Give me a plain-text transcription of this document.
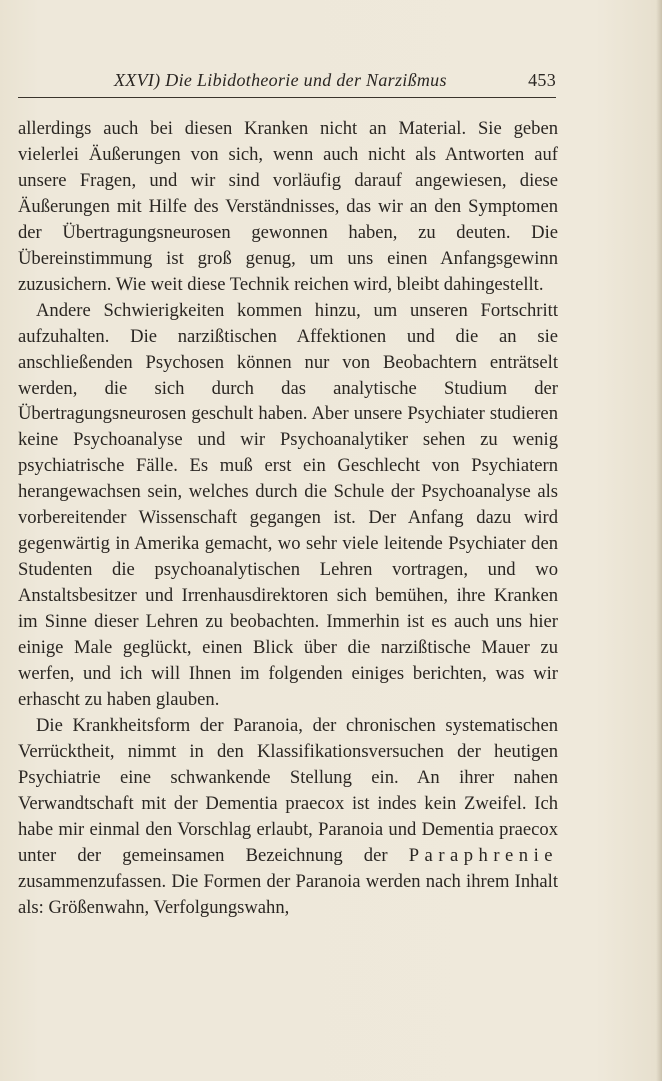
XXVI) Die Libidotheorie und der Narzißmus	453

allerdings auch bei diesen Kranken nicht an Material. Sie geben vielerlei Äußerungen von sich, wenn auch nicht als Antworten auf unsere Fragen, und wir sind vorläufig darauf angewiesen, diese Äußerungen mit Hilfe des Verständnisses, das wir an den Symptomen der Übertragungsneurosen gewonnen haben, zu deuten. Die Übereinstimmung ist groß genug, um uns einen Anfangsgewinn zuzusichern. Wie weit diese Technik reichen wird, bleibt dahingestellt.

Andere Schwierigkeiten kommen hinzu, um unseren Fortschritt aufzuhalten. Die narzißtischen Affektionen und die an sie anschließenden Psychosen können nur von Beobachtern enträtselt werden, die sich durch das analytische Studium der Übertragungsneurosen geschult haben. Aber unsere Psychiater studieren keine Psychoanalyse und wir Psychoanalytiker sehen zu wenig psychiatrische Fälle. Es muß erst ein Geschlecht von Psychiatern herangewachsen sein, welches durch die Schule der Psychoanalyse als vorbereitender Wissenschaft gegangen ist. Der Anfang dazu wird gegenwärtig in Amerika gemacht, wo sehr viele leitende Psychiater den Studenten die psychoanalytischen Lehren vortragen, und wo Anstaltsbesitzer und Irrenhausdirektoren sich bemühen, ihre Kranken im Sinne dieser Lehren zu beobachten. Immerhin ist es auch uns hier einige Male geglückt, einen Blick über die narzißtische Mauer zu werfen, und ich will Ihnen im folgenden einiges berichten, was wir erhascht zu haben glauben.

Die Krankheitsform der Paranoia, der chronischen systematischen Verrücktheit, nimmt in den Klassifikationsversuchen der heutigen Psychiatrie eine schwankende Stellung ein. An ihrer nahen Verwandtschaft mit der Dementia praecox ist indes kein Zweifel. Ich habe mir einmal den Vorschlag erlaubt, Paranoia und Dementia praecox unter der gemeinsamen Bezeichnung der Paraphrenie zusammenzufassen. Die Formen der Paranoia werden nach ihrem Inhalt als: Größenwahn, Verfolgungswahn,
